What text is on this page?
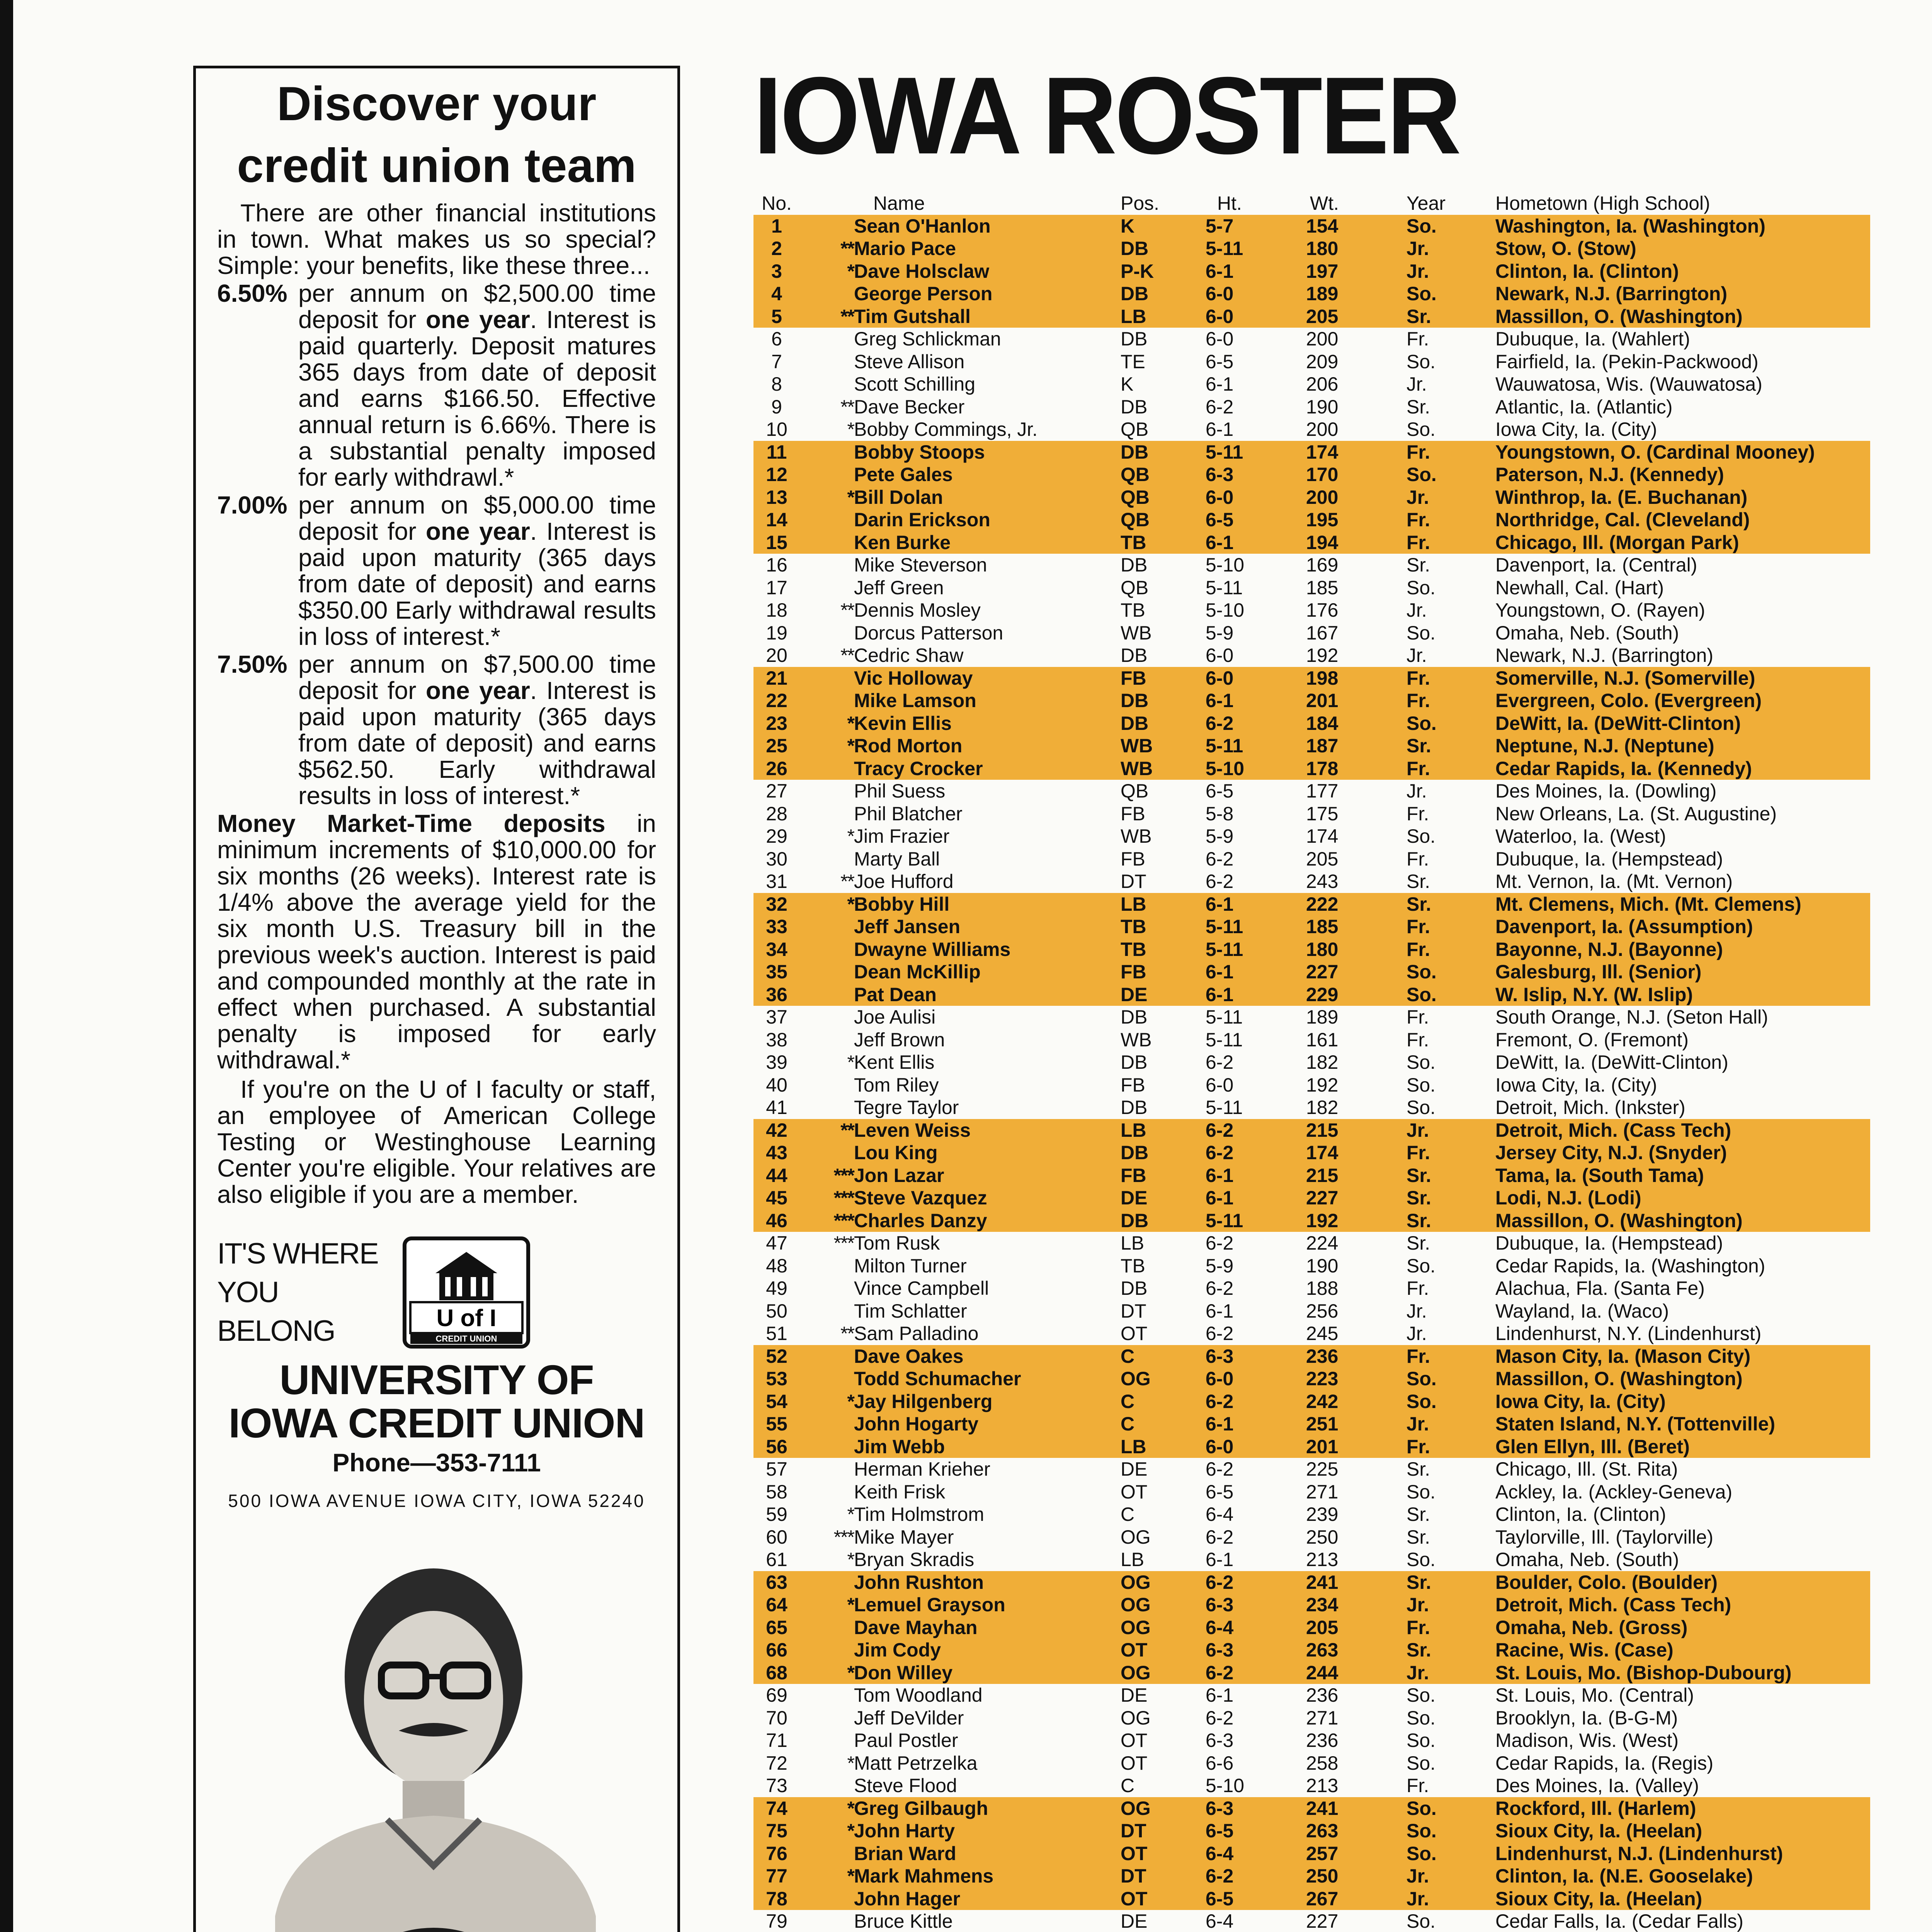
Discover your
credit union team

There are other financial institutions in town. What makes us so special? Simple: your benefits, like these three...

6.50% per annum on $2,500.00 time deposit for one year. Interest is paid quarterly. Deposit matures 365 days from date of deposit and earns $166.50. Effective annual return is 6.66%. There is a substantial penalty imposed for early withdrawl.*
7.00% per annum on $5,000.00 time deposit for one year. Interest is paid upon maturity (365 days from date of deposit) and earns $350.00 Early withdrawal results in loss of interest.*
7.50% per annum on $7,500.00 time deposit for one year. Interest is paid upon maturity (365 days from date of deposit) and earns $562.50. Early withdrawal results in loss of interest.*
Money Market-Time deposits in minimum increments of $10,000.00 for six months (26 weeks). Interest rate is 1/4% above the average yield for the six month U.S. Treasury bill in the previous week's auction. Interest is paid and compounded monthly at the rate in effect when purchased. A substantial penalty is imposed for early withdrawal.*

If you're on the U of I faculty or staff, an employee of American College Testing or Westinghouse Learning Center you're eligible. Your relatives are also eligible if you are a member.

IT'S WHERE
YOU BELONG	U of I
CREDIT UNION
UNIVERSITY OF
IOWA CREDIT UNION
Phone—353-7111
500 IOWA AVENUE IOWA CITY, IOWA 52240
IOWA ROSTER
No.	Name	Pos.	Ht.	Wt.	Year	Hometown (High School)
1	Sean O'Hanlon	K	5-7	154	So.	Washington, Ia. (Washington)
2	**Mario Pace	DB	5-11	180	Jr.	Stow, O. (Stow)
3	*Dave Holsclaw	P-K	6-1	197	Jr.	Clinton, Ia. (Clinton)
4	George Person	DB	6-0	189	So.	Newark, N.J. (Barrington)
5	**Tim Gutshall	LB	6-0	205	Sr.	Massillon, O. (Washington)
6	Greg Schlickman	DB	6-0	200	Fr.	Dubuque, Ia. (Wahlert)
7	Steve Allison	TE	6-5	209	So.	Fairfield, Ia. (Pekin-Packwood)
8	Scott Schilling	K	6-1	206	Jr.	Wauwatosa, Wis. (Wauwatosa)
9	**Dave Becker	DB	6-2	190	Sr.	Atlantic, Ia. (Atlantic)
10	*Bobby Commings, Jr.	QB	6-1	200	So.	Iowa City, Ia. (City)
11	Bobby Stoops	DB	5-11	174	Fr.	Youngstown, O. (Cardinal Mooney)
12	Pete Gales	QB	6-3	170	So.	Paterson, N.J. (Kennedy)
13	*Bill Dolan	QB	6-0	200	Jr.	Winthrop, Ia. (E. Buchanan)
14	Darin Erickson	QB	6-5	195	Fr.	Northridge, Cal. (Cleveland)
15	Ken Burke	TB	6-1	194	Fr.	Chicago, Ill. (Morgan Park)
16	Mike Steverson	DB	5-10	169	Sr.	Davenport, Ia. (Central)
17	Jeff Green	QB	5-11	185	So.	Newhall, Cal. (Hart)
18	**Dennis Mosley	TB	5-10	176	Jr.	Youngstown, O. (Rayen)
19	Dorcus Patterson	WB	5-9	167	So.	Omaha, Neb. (South)
20	**Cedric Shaw	DB	6-0	192	Jr.	Newark, N.J. (Barrington)
21	Vic Holloway	FB	6-0	198	Fr.	Somerville, N.J. (Somerville)
22	Mike Lamson	DB	6-1	201	Fr.	Evergreen, Colo. (Evergreen)
23	*Kevin Ellis	DB	6-2	184	So.	DeWitt, Ia. (DeWitt-Clinton)
25	*Rod Morton	WB	5-11	187	Sr.	Neptune, N.J. (Neptune)
26	Tracy Crocker	WB	5-10	178	Fr.	Cedar Rapids, Ia. (Kennedy)
27	Phil Suess	QB	6-5	177	Jr.	Des Moines, Ia. (Dowling)
28	Phil Blatcher	FB	5-8	175	Fr.	New Orleans, La. (St. Augustine)
29	*Jim Frazier	WB	5-9	174	So.	Waterloo, Ia. (West)
30	Marty Ball	FB	6-2	205	Fr.	Dubuque, Ia. (Hempstead)
31	**Joe Hufford	DT	6-2	243	Sr.	Mt. Vernon, Ia. (Mt. Vernon)
32	*Bobby Hill	LB	6-1	222	Sr.	Mt. Clemens, Mich. (Mt. Clemens)
33	Jeff Jansen	TB	5-11	185	Fr.	Davenport, Ia. (Assumption)
34	Dwayne Williams	TB	5-11	180	Fr.	Bayonne, N.J. (Bayonne)
35	Dean McKillip	FB	6-1	227	So.	Galesburg, Ill. (Senior)
36	Pat Dean	DE	6-1	229	So.	W. Islip, N.Y. (W. Islip)
37	Joe Aulisi	DB	5-11	189	Fr.	South Orange, N.J. (Seton Hall)
38	Jeff Brown	WB	5-11	161	Fr.	Fremont, O. (Fremont)
39	*Kent Ellis	DB	6-2	182	So.	DeWitt, Ia. (DeWitt-Clinton)
40	Tom Riley	FB	6-0	192	So.	Iowa City, Ia. (City)
41	Tegre Taylor	DB	5-11	182	So.	Detroit, Mich. (Inkster)
42	**Leven Weiss	LB	6-2	215	Jr.	Detroit, Mich. (Cass Tech)
43	Lou King	DB	6-2	174	Fr.	Jersey City, N.J. (Snyder)
44	***Jon Lazar	FB	6-1	215	Sr.	Tama, Ia. (South Tama)
45	***Steve Vazquez	DE	6-1	227	Sr.	Lodi, N.J. (Lodi)
46	***Charles Danzy	DB	5-11	192	Sr.	Massillon, O. (Washington)
47	***Tom Rusk	LB	6-2	224	Sr.	Dubuque, Ia. (Hempstead)
48	Milton Turner	TB	5-9	190	So.	Cedar Rapids, Ia. (Washington)
49	Vince Campbell	DB	6-2	188	Fr.	Alachua, Fla. (Santa Fe)
50	Tim Schlatter	DT	6-1	256	Jr.	Wayland, Ia. (Waco)
51	**Sam Palladino	OT	6-2	245	Jr.	Lindenhurst, N.Y. (Lindenhurst)
52	Dave Oakes	C	6-3	236	Fr.	Mason City, Ia. (Mason City)
53	Todd Schumacher	OG	6-0	223	So.	Massillon, O. (Washington)
54	*Jay Hilgenberg	C	6-2	242	So.	Iowa City, Ia. (City)
55	John Hogarty	C	6-1	251	Jr.	Staten Island, N.Y. (Tottenville)
56	Jim Webb	LB	6-0	201	Fr.	Glen Ellyn, Ill. (Beret)
57	Herman Krieher	DE	6-2	225	Sr.	Chicago, Ill. (St. Rita)
58	Keith Frisk	OT	6-5	271	So.	Ackley, Ia. (Ackley-Geneva)
59	*Tim Holmstrom	C	6-4	239	Sr.	Clinton, Ia. (Clinton)
60	***Mike Mayer	OG	6-2	250	Sr.	Taylorville, Ill. (Taylorville)
61	*Bryan Skradis	LB	6-1	213	So.	Omaha, Neb. (South)
63	John Rushton	OG	6-2	241	Sr.	Boulder, Colo. (Boulder)
64	*Lemuel Grayson	OG	6-3	234	Jr.	Detroit, Mich. (Cass Tech)
65	Dave Mayhan	OG	6-4	205	Fr.	Omaha, Neb. (Gross)
66	Jim Cody	OT	6-3	263	Sr.	Racine, Wis. (Case)
68	*Don Willey	OG	6-2	244	Jr.	St. Louis, Mo. (Bishop-Dubourg)
69	Tom Woodland	DE	6-1	236	So.	St. Louis, Mo. (Central)
70	Jeff DeVilder	OG	6-2	271	So.	Brooklyn, Ia. (B-G-M)
71	Paul Postler	OT	6-3	236	So.	Madison, Wis. (West)
72	*Matt Petrzelka	OT	6-6	258	So.	Cedar Rapids, Ia. (Regis)
73	Steve Flood	C	5-10	213	Fr.	Des Moines, Ia. (Valley)
74	*Greg Gilbaugh	OG	6-3	241	So.	Rockford, Ill. (Harlem)
75	*John Harty	DT	6-5	263	So.	Sioux City, Ia. (Heelan)
76	Brian Ward	OT	6-4	257	So.	Lindenhurst, N.J. (Lindenhurst)
77	*Mark Mahmens	DT	6-2	250	Jr.	Clinton, Ia. (N.E. Gooselake)
78	John Hager	OT	6-5	267	Jr.	Sioux City, Ia. (Heelan)
79	Bruce Kittle	DE	6-4	227	So.	Cedar Falls, Ia. (Cedar Falls)
